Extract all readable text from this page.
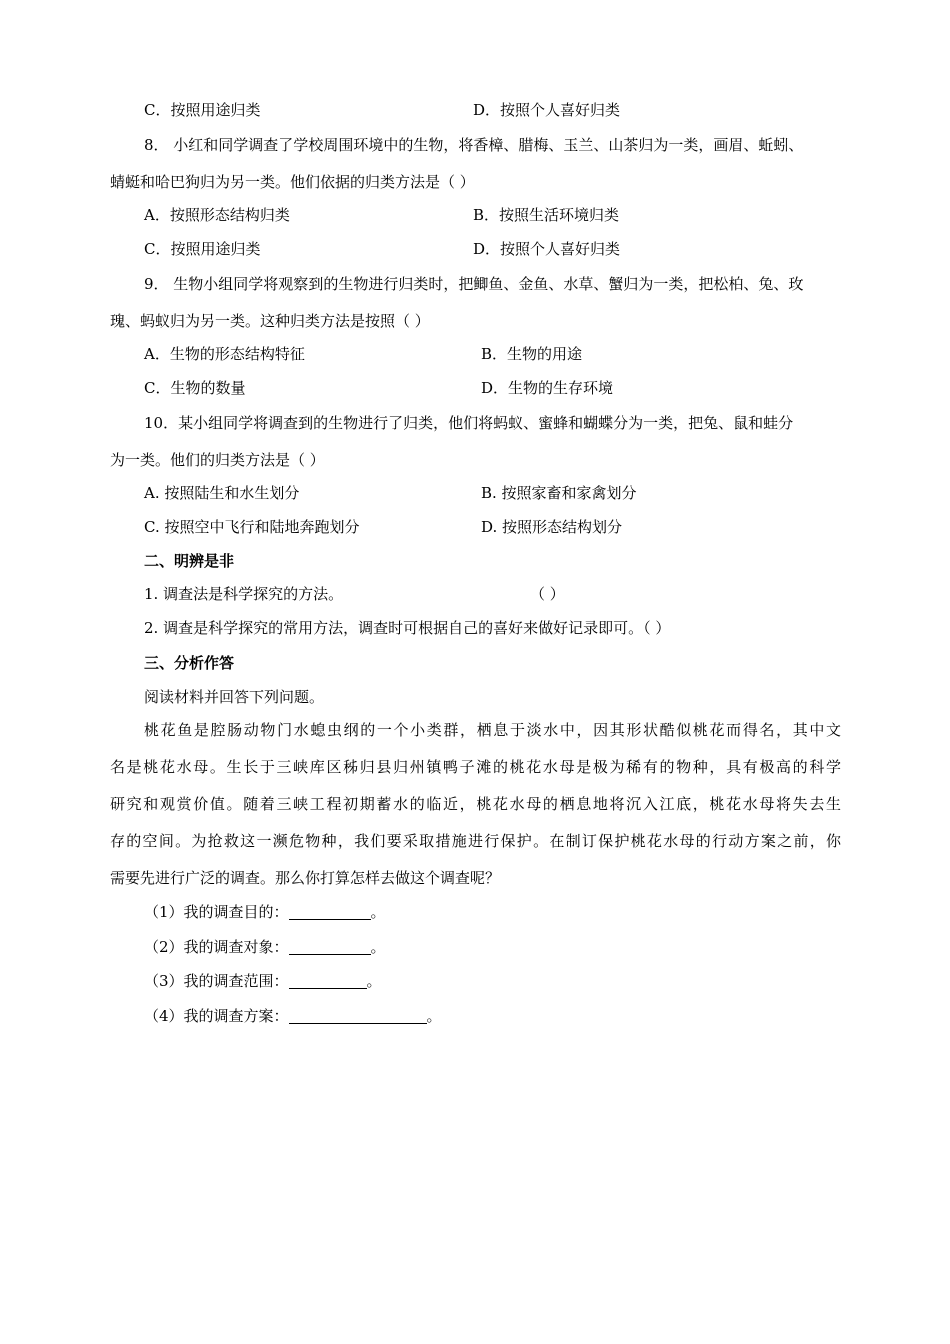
C．按照用途归类	D．按照个人喜好归类
8． 小红和同学调查了学校周围环境中的生物，将香樟、腊梅、玉兰、山茶归为一类，画眉、蚯蚓、
蜻蜓和哈巴狗归为另一类。他们依据的归类方法是（ ）
A．按照形态结构归类	B．按照生活环境归类
C．按照用途归类	D．按照个人喜好归类
9． 生物小组同学将观察到的生物进行归类时，把鲫鱼、金鱼、水草、蟹归为一类，把松柏、兔、玫
瑰、蚂蚁归为另一类。这种归类方法是按照（ ）
A．生物的形态结构特征	B．生物的用途
C．生物的数量	D．生物的生存环境
10．某小组同学将调查到的生物进行了归类，他们将蚂蚁、蜜蜂和蝴蝶分为一类，把兔、鼠和蛙分
为一类。他们的归类方法是（ ）
A. 按照陆生和水生划分	B. 按照家畜和家禽划分
C. 按照空中飞行和陆地奔跑划分	D. 按照形态结构划分
二、明辨是非
1. 调查法是科学探究的方法。	（ ）
2. 调查是科学探究的常用方法，调查时可根据自己的喜好来做好记录即可。（ ）
三、分析作答
阅读材料并回答下列问题。
桃花鱼是腔肠动物门水螅虫纲的一个小类群，栖息于淡水中，因其形状酷似桃花而得名，其中文
名是桃花水母。生长于三峡库区秭归县归州镇鸭子滩的桃花水母是极为稀有的物种，具有极高的科学
研究和观赏价值。随着三峡工程初期蓄水的临近，桃花水母的栖息地将沉入江底，桃花水母将失去生
存的空间。为抢救这一濒危物种，我们要采取措施进行保护。在制订保护桃花水母的行动方案之前，你
需要先进行广泛的调查。那么你打算怎样去做这个调查呢？
（1）我的调查目的：	。
（2）我的调查对象：	。
（3）我的调查范围：	。
（4）我的调查方案：	。
